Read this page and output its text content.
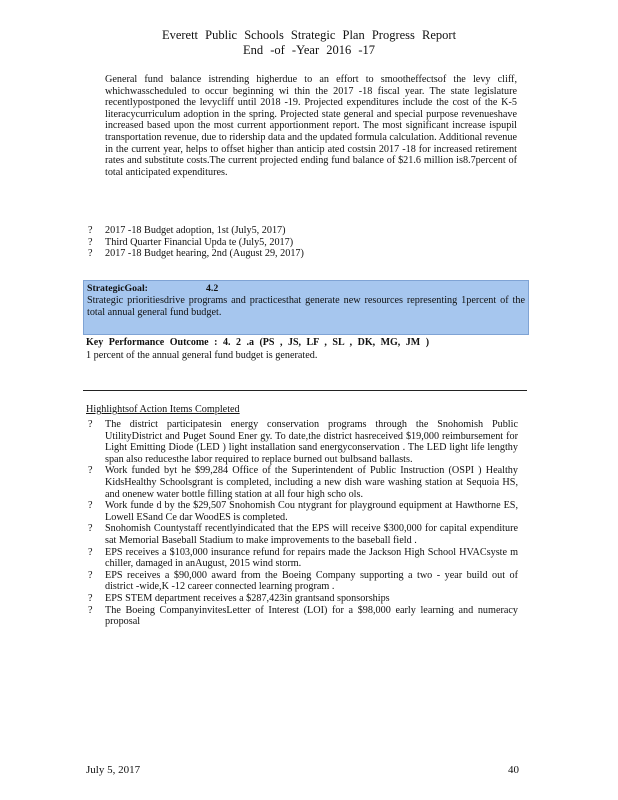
Everett Public Schools Strategic Plan Progress Report
End -of -Year 2016 -17

General fund balance istrending higherdue to an effort to smootheffectsof the levy cliff, whichwasscheduled to occur beginning wi thin the 2017 -18 fiscal year. The state legislature recentlypostponed the levycliff until 2018 -19. Projected expenditures include the cost of the K-5 literacycurriculum adoption in the spring. Projected state general and special purpose revenueshave increased based upon the most current apportionment report. The most significant increase ispupil transportation revenue, due to ridership data and the updated formula calculation. Additional revenue in the current year, helps to offset higher than anticip ated costsin 2017 -18 for increased retirement rates and substitute costs.The current projected ending fund balance of $21.6 million is8.7percent of total anticipated expenditures.

?	2017 -18 Budget adoption, 1st (July5, 2017)
?	Third Quarter Financial Upda te (July5, 2017)
?	2017 -18 Budget hearing, 2nd (August 29, 2017)
StrategicGoal:	4.2
Strategic prioritiesdrive programs and practicesthat generate new resources representing 1percent of the total annual general fund budget.
Key Performance Outcome : 4. 2 .a (PS , JS, LF , SL , DK, MG, JM )
1 percent of the annual general fund budget is generated.
Highlightsof Action Items Completed
?	The district participatesin energy conservation programs through the Snohomish Public UtilityDistrict and Puget Sound Ener gy. To date,the district hasreceived $19,000 reimbursement for Light Emitting Diode (LED ) light installation sand energyconservation . The LED light life lengthy span also reducesthe labor required to replace burned out bulbsand ballasts.
?	Work funded byt he $99,284 Office of the Superintendent of Public Instruction (OSPI ) Healthy KidsHealthy Schoolsgrant is completed, including a new dish ware washing station at Sequoia HS, and onenew water bottle filling station at all four high scho ols.
?	Work funde d by the $29,507 Snohomish Cou ntygrant for playground equipment at Hawthorne ES, Lowell ESand Ce dar WoodES is completed.
?	Snohomish Countystaff recentlyindicated that the EPS will receive $300,000 for capital expenditure sat Memorial Baseball Stadium to make improvements to the baseball field .
?	EPS receives a $103,000 insurance refund for repairs made the Jackson High School HVACsyste m chiller, damaged in anAugust, 2015 wind storm.
?	EPS receives a $90,000 award from the Boeing Company supporting a two - year build out of district -wide,K -12 career connected learning program .
?	EPS STEM department receives a $287,423in grantsand sponsorships
?	The Boeing CompanyinvitesLetter of Interest (LOI) for a $98,000 early learning and numeracy proposal
July 5, 2017	40
